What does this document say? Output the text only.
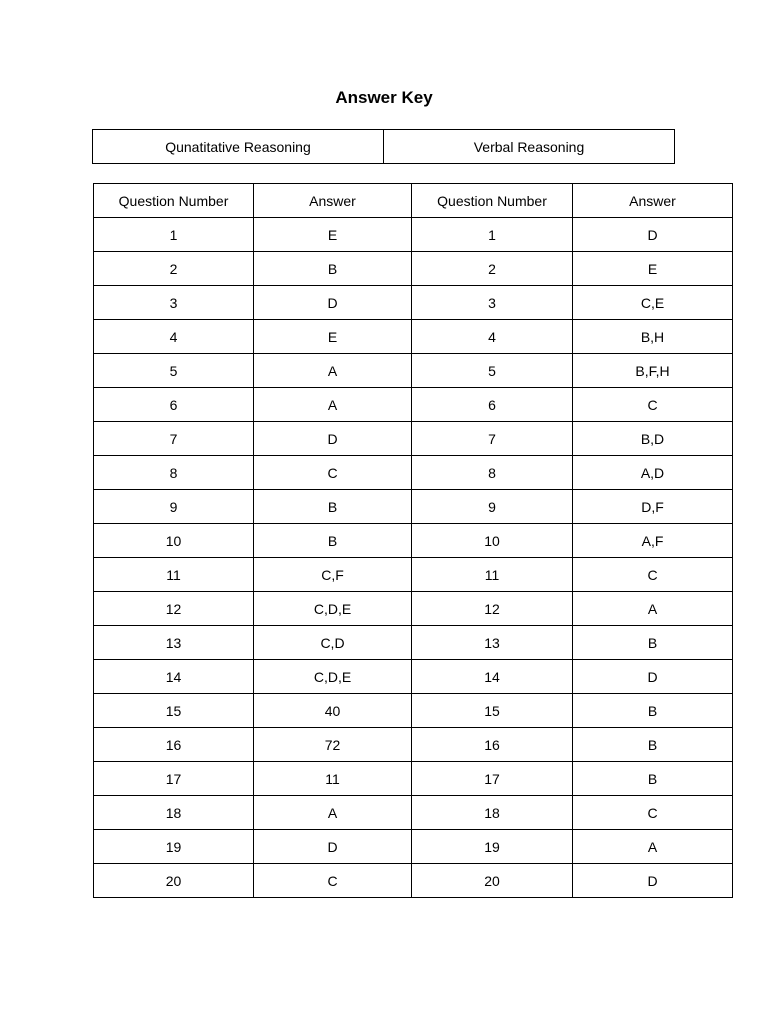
Answer Key
Qunatitative Reasoning	Verbal Reasoning
Question Number	Answer	Question Number	Answer
1	E	1	D
2	B	2	E
3	D	3	C,E
4	E	4	B,H
5	A	5	B,F,H
6	A	6	C
7	D	7	B,D
8	C	8	A,D
9	B	9	D,F
10	B	10	A,F
11	C,F	11	C
12	C,D,E	12	A
13	C,D	13	B
14	C,D,E	14	D
15	40	15	B
16	72	16	B
17	11	17	B
18	A	18	C
19	D	19	A
20	C	20	D
